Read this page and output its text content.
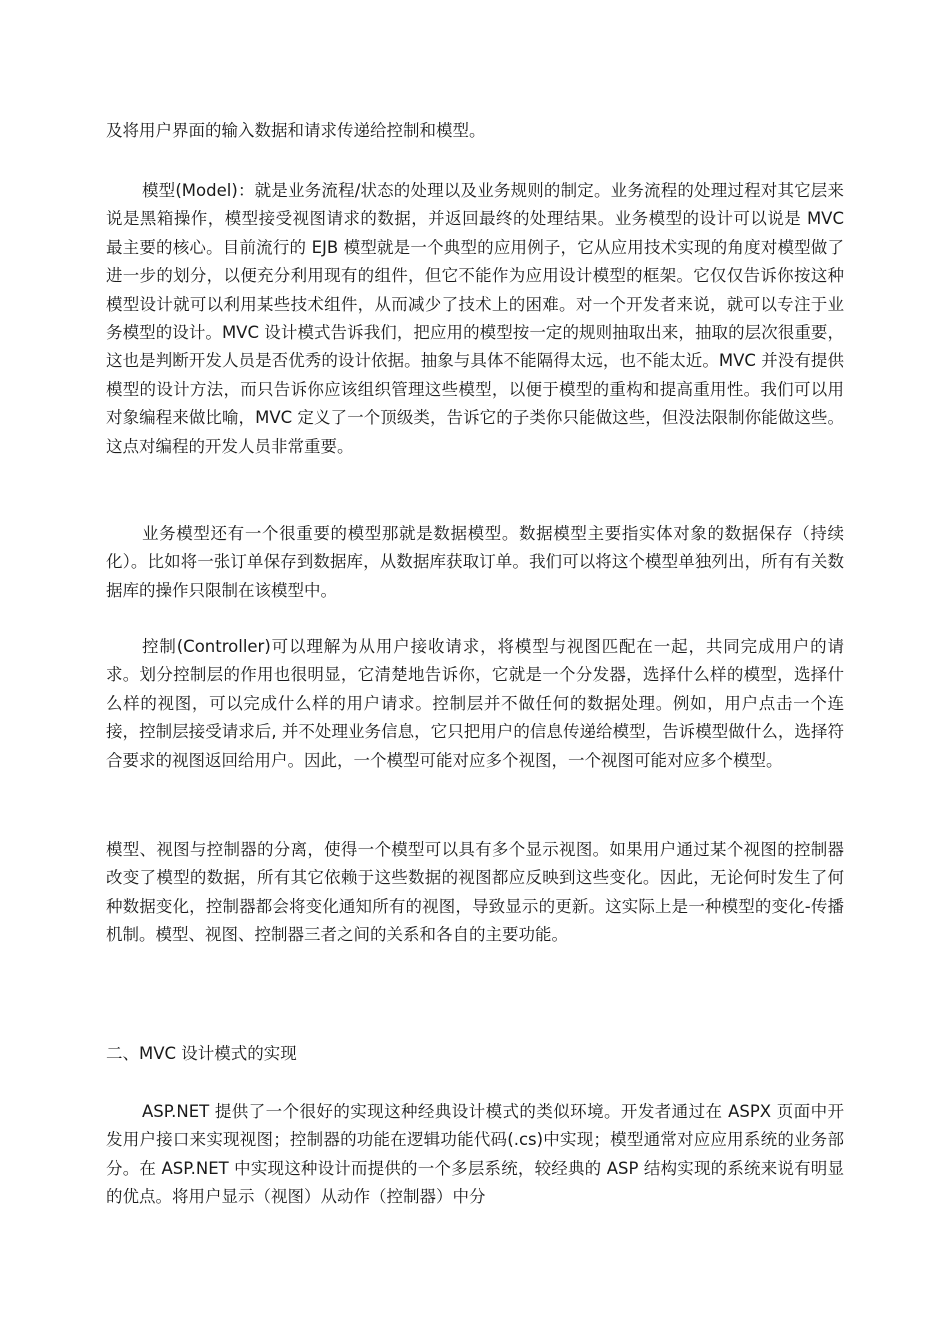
及将用户界面的输入数据和请求传递给控制和模型。

模型(Model)：就是业务流程/状态的处理以及业务规则的制定。业务流程的处理过程对其它层来说是黑箱操作，模型接受视图请求的数据，并返回最终的处理结果。业务模型的设计可以说是 MVC 最主要的核心。目前流行的 EJB 模型就是一个典型的应用例子，它从应用技术实现的角度对模型做了进一步的划分，以便充分利用现有的组件，但它不能作为应用设计模型的框架。它仅仅告诉你按这种模型设计就可以利用某些技术组件，从而减少了技术上的困难。对一个开发者来说，就可以专注于业务模型的设计。MVC 设计模式告诉我们，把应用的模型按一定的规则抽取出来，抽取的层次很重要，这也是判断开发人员是否优秀的设计依据。抽象与具体不能隔得太远，也不能太近。MVC 并没有提供模型的设计方法，而只告诉你应该组织管理这些模型，以便于模型的重构和提高重用性。我们可以用对象编程来做比喻，MVC 定义了一个顶级类，告诉它的子类你只能做这些，但没法限制你能做这些。这点对编程的开发人员非常重要。

业务模型还有一个很重要的模型那就是数据模型。数据模型主要指实体对象的数据保存（持续化）。比如将一张订单保存到数据库，从数据库获取订单。我们可以将这个模型单独列出，所有有关数据库的操作只限制在该模型中。

控制(Controller)可以理解为从用户接收请求，将模型与视图匹配在一起，共同完成用户的请求。划分控制层的作用也很明显，它清楚地告诉你，它就是一个分发器，选择什么样的模型，选择什么样的视图，可以完成什么样的用户请求。控制层并不做任何的数据处理。例如，用户点击一个连接，控制层接受请求后, 并不处理业务信息，它只把用户的信息传递给模型，告诉模型做什么，选择符合要求的视图返回给用户。因此，一个模型可能对应多个视图，一个视图可能对应多个模型。

模型、视图与控制器的分离，使得一个模型可以具有多个显示视图。如果用户通过某个视图的控制器改变了模型的数据，所有其它依赖于这些数据的视图都应反映到这些变化。因此，无论何时发生了何种数据变化，控制器都会将变化通知所有的视图，导致显示的更新。这实际上是一种模型的变化-传播机制。模型、视图、控制器三者之间的关系和各自的主要功能。

二、MVC 设计模式的实现

ASP.NET 提供了一个很好的实现这种经典设计模式的类似环境。开发者通过在 ASPX 页面中开发用户接口来实现视图；控制器的功能在逻辑功能代码(.cs)中实现；模型通常对应应用系统的业务部分。在 ASP.NET 中实现这种设计而提供的一个多层系统，较经典的 ASP 结构实现的系统来说有明显的优点。将用户显示（视图）从动作（控制器）中分
